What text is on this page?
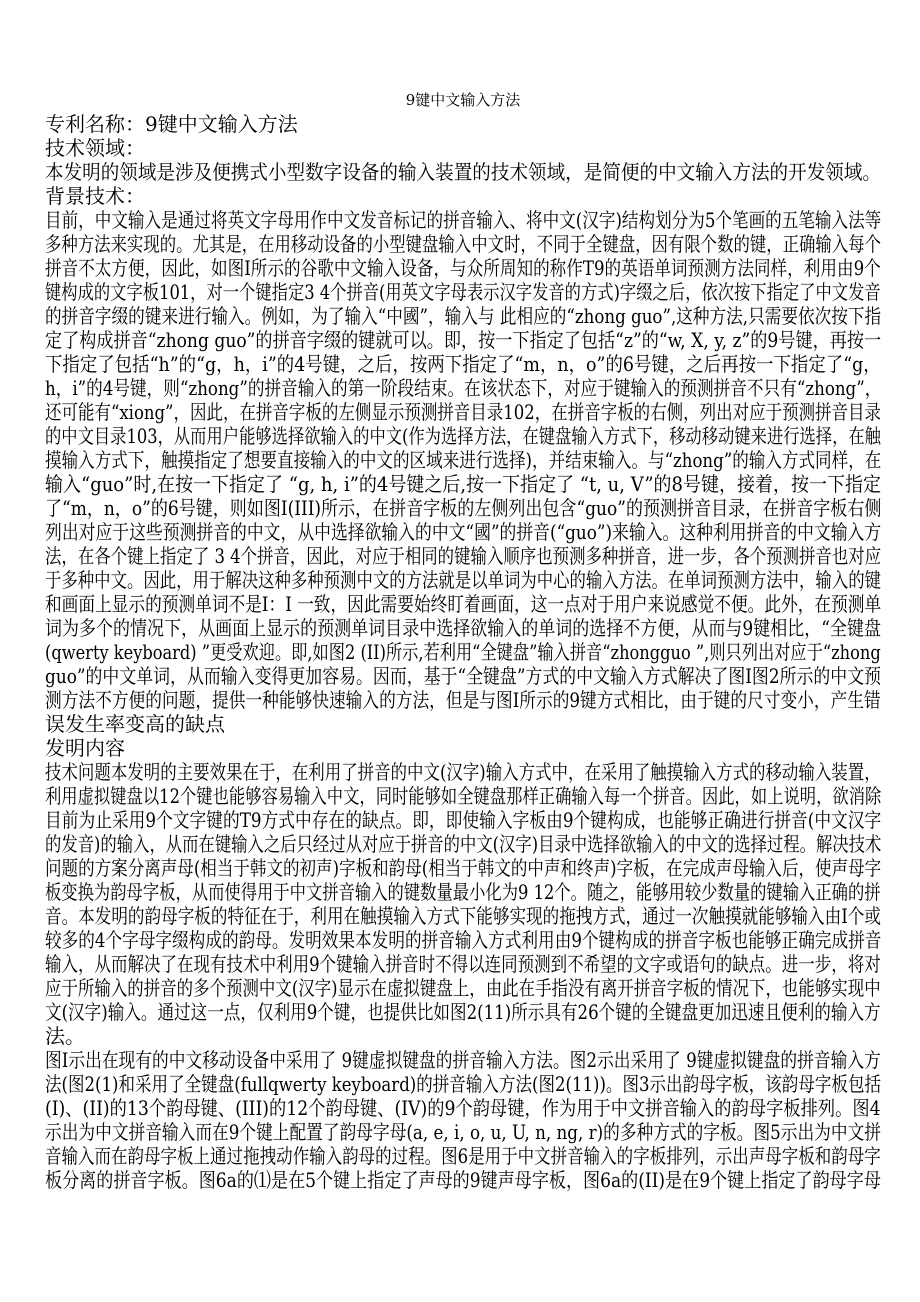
9键中文输入方法
专利名称：9键中文输入方法
技术领域：
本发明的领域是涉及便携式小型数字设备的输入装置的技术领域，是简便的中文输入方法的开发领域。
背景技术：
目前，中文输入是通过将英文字母用作中文发音标记的拼音输入、将中文(汉字)结构划分为5个笔画的五笔输入法等
多种方法来实现的。尤其是，在用移动设备的小型键盘输入中文时，不同于全键盘，因有限个数的键，正确输入每个
拼音不太方便，因此，如图I所示的谷歌中文输入设备，与众所周知的称作T9的英语单词预测方法同样，利用由9个
键构成的文字板101，对一个键指定3 4个拼音(用英文字母表示汉字发音的方式)字缀之后，依次按下指定了中文发音
的拼音字缀的键来进行输入。例如，为了输入“中國”，输入与 此相应的“zhong guo”,这种方法,只需要依次按下指
定了构成拼音“zhong guo”的拼音字缀的键就可以。即，按一下指定了包括“z”的“w, X, y, z”的9号键，再按一
下指定了包括“h”的“g，h，i”的4号键，之后，按两下指定了“m，n，o”的6号键，之后再按一下指定了“g，
h，i”的4号键，则“zhong”的拼音输入的第一阶段结束。在该状态下，对应于键输入的预测拼音不只有“zhong”，
还可能有“xiong”，因此，在拼音字板的左侧显示预测拼音目录102，在拼音字板的右侧，列出对应于预测拼音目录
的中文目录103，从而用户能够选择欲输入的中文(作为选择方法，在键盘输入方式下，移动移动键来进行选择，在触
摸输入方式下，触摸指定了想要直接输入的中文的区域来进行选择)，并结束输入。与“zhong”的输入方式同样，在
输入“guo”时,在按一下指定了 “g, h, i”的4号键之后,按一下指定了 “t, u, V”的8号键，接着，按一下指定
了“m，n，o”的6号键，则如图I(III)所示，在拼音字板的左侧列出包含“guo”的预测拼音目录，在拼音字板右侧
列出对应于这些预测拼音的中文，从中选择欲输入的中文“國”的拼音(“guo”)来输入。这种利用拼音的中文输入方
法，在各个键上指定了 3 4个拼音，因此，对应于相同的键输入顺序也预测多种拼音，进一步，各个预测拼音也对应
于多种中文。因此，用于解决这种多种预测中文的方法就是以单词为中心的输入方法。在单词预测方法中，输入的键
和画面上显示的预测单词不是I：I 一致，因此需要始终盯着画面，这一点对于用户来说感觉不便。此外，在预测单
词为多个的情况下，从画面上显示的预测单词目录中选择欲输入的单词的选择不方便，从而与9键相比，“全键盘
(qwerty keyboard) ”更受欢迎。即,如图2 (II)所示,若利用“全键盘”输入拼音“zhongguo ”,则只列出对应于“zhong
guo”的中文单词，从而输入变得更加容易。因而，基于“全键盘”方式的中文输入方式解决了图I图2所示的中文预
测方法不方便的问题，提供一种能够快速输入的方法，但是与图I所示的9键方式相比，由于键的尺寸变小，产生错
误发生率变高的缺点
发明内容
技术问题本发明的主要效果在于，在利用了拼音的中文(汉字)输入方式中，在采用了触摸输入方式的移动输入装置，
利用虚拟键盘以12个键也能够容易输入中文，同时能够如全键盘那样正确输入每一个拼音。因此，如上说明，欲消除
目前为止采用9个文字键的T9方式中存在的缺点。即，即使输入字板由9个键构成，也能够正确进行拼音(中文汉字
的发音)的输入，从而在键输入之后只经过从对应于拼音的中文(汉字)目录中选择欲输入的中文的选择过程。解决技术
问题的方案分离声母(相当于韩文的初声)字板和韵母(相当于韩文的中声和终声)字板，在完成声母输入后，使声母字
板变换为韵母字板，从而使得用于中文拼音输入的键数量最小化为9 12个。随之，能够用较少数量的键输入正确的拼
音。本发明的韵母字板的特征在于，利用在触摸输入方式下能够实现的拖拽方式，通过一次触摸就能够输入由I个或
较多的4个字母字缀构成的韵母。发明效果本发明的拼音输入方式利用由9个键构成的拼音字板也能够正确完成拼音
输入，从而解决了在现有技术中利用9个键输入拼音时不得以连同预测到不希望的文字或语句的缺点。进一步，将对
应于所输入的拼音的多个预测中文(汉字)显示在虚拟键盘上，由此在手指没有离开拼音字板的情况下，也能够实现中
文(汉字)输入。通过这一点，仅利用9个键，也提供比如图2(11)所示具有26个键的全键盘更加迅速且便利的输入方
法。
图I示出在现有的中文移动设备中采用了 9键虚拟键盘的拼音输入方法。图2示出采用了 9键虚拟键盘的拼音输入方
法(图2(1)和采用了全键盘(fullqwerty keyboard)的拼音输入方法(图2(11))。图3示出韵母字板，该韵母字板包括
(I)、(II)的13个韵母键、(III)的12个韵母键、(IV)的9个韵母键，作为用于中文拼音输入的韵母字板排列。图4
示出为中文拼音输入而在9个键上配置了韵母字母(a, e, i, o, u, U, n, ng, r)的多种方式的字板。图5示出为中文拼
音输入而在韵母字板上通过拖拽动作输入韵母的过程。图6是用于中文拼音输入的字板排列，示出声母字板和韵母字
板分离的拼音字板。图6a的⑴是在5个键上指定了声母的9键声母字板，图6a的(II)是在9个键上指定了韵母字母
